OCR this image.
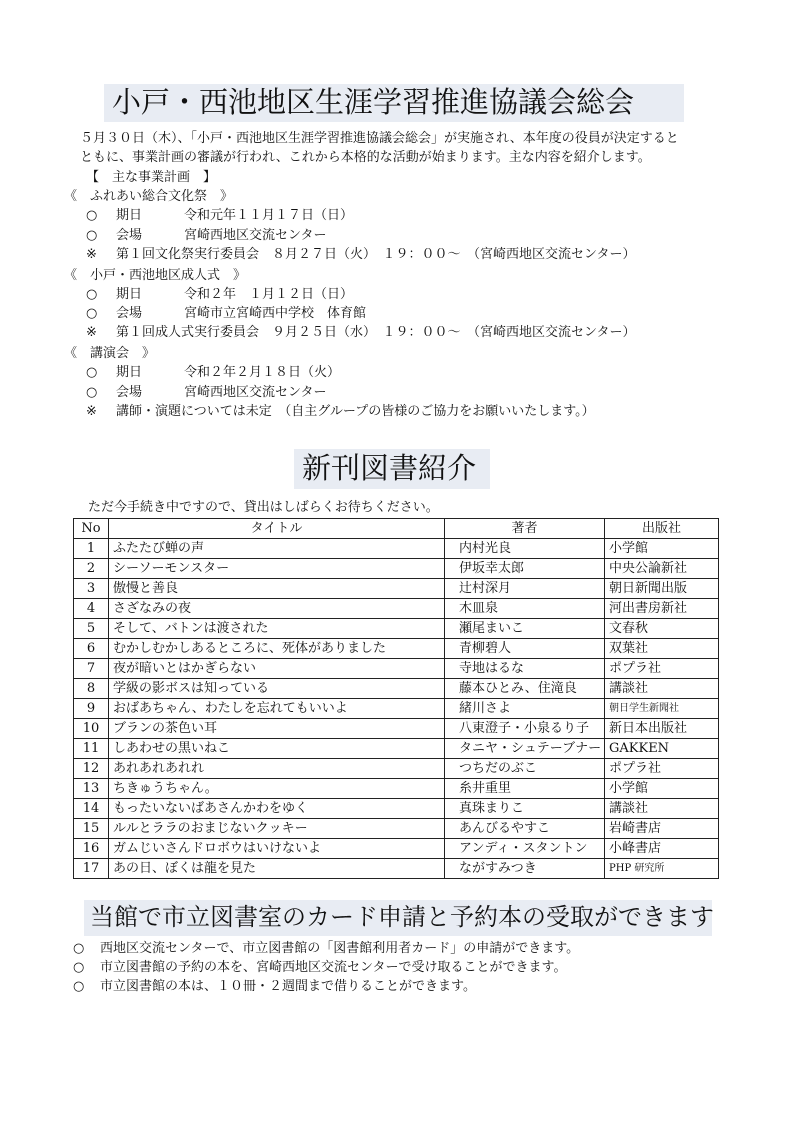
小戸・西池地区生涯学習推進協議会総会
５月３０日（木）、「小戸・西池地区生涯学習推進協議会総会」が実施され、本年度の役員が決定すると
ともに、事業計画の審議が行われ、これから本格的な活動が始まります。主な内容を紹介します。
【　主な事業計画　】
《　ふれあい総合文化祭　》
○ 期日	令和元年１１月１７日（日）
○ 会場	宮崎西地区交流センター
※ 第１回文化祭実行委員会　８月２７日（火）　１９：００〜　（宮崎西地区交流センター）
《　小戸・西池地区成人式　》
○ 期日	令和２年　１月１２日（日）
○ 会場	宮崎市立宮崎西中学校　体育館
※ 第１回成人式実行委員会　９月２５日（水）　１９：００〜　（宮崎西地区交流センター）
《　講演会　》
○ 期日	令和２年２月１８日（火）
○ 会場	宮崎西地区交流センター
※ 講師・演題については未定　（自主グループの皆様のご協力をお願いいたします。）
新刊図書紹介
ただ今手続き中ですので、貸出はしばらくお待ちください。
No	タイトル	著者	出版社
1	ふたたび蝉の声	内村光良	小学館
2	シーソーモンスター	伊坂幸太郎	中央公論新社
3	傲慢と善良	辻村深月	朝日新聞出版
4	さざなみの夜	木皿泉	河出書房新社
5	そして、バトンは渡された	瀬尾まいこ	文春秋
6	むかしむかしあるところに、死体がありました	青柳碧人	双葉社
7	夜が暗いとはかぎらない	寺地はるな	ポプラ社
8	学級の影ボスは知っている	藤本ひとみ、住滝良	講談社
9	おばあちゃん、わたしを忘れてもいいよ	緒川さよ	朝日学生新聞社
10	ブランの茶色い耳	八東澄子・小泉るり子	新日本出版社
11	しあわせの黒いねこ	タニヤ・シュテーブナー	GAKKEN
12	あれあれあれれ	つちだのぶこ	ポプラ社
13	ちきゅうちゃん。	糸井重里	小学館
14	もったいないばあさんかわをゆく	真珠まりこ	講談社
15	ルルとララのおまじないクッキー	あんびるやすこ	岩崎書店
16	ガムじいさんドロボウはいけないよ	アンディ・スタントン	小峰書店
17	あの日、ぼくは龍を見た	ながすみつき	PHP 研究所
当館で市立図書室のカード申請と予約本の受取ができます
○ 西地区交流センターで、市立図書館の「図書館利用者カード」の申請ができます。
○ 市立図書館の予約の本を、宮崎西地区交流センターで受け取ることができます。
○ 市立図書館の本は、１０冊・２週間まで借りることができます。
